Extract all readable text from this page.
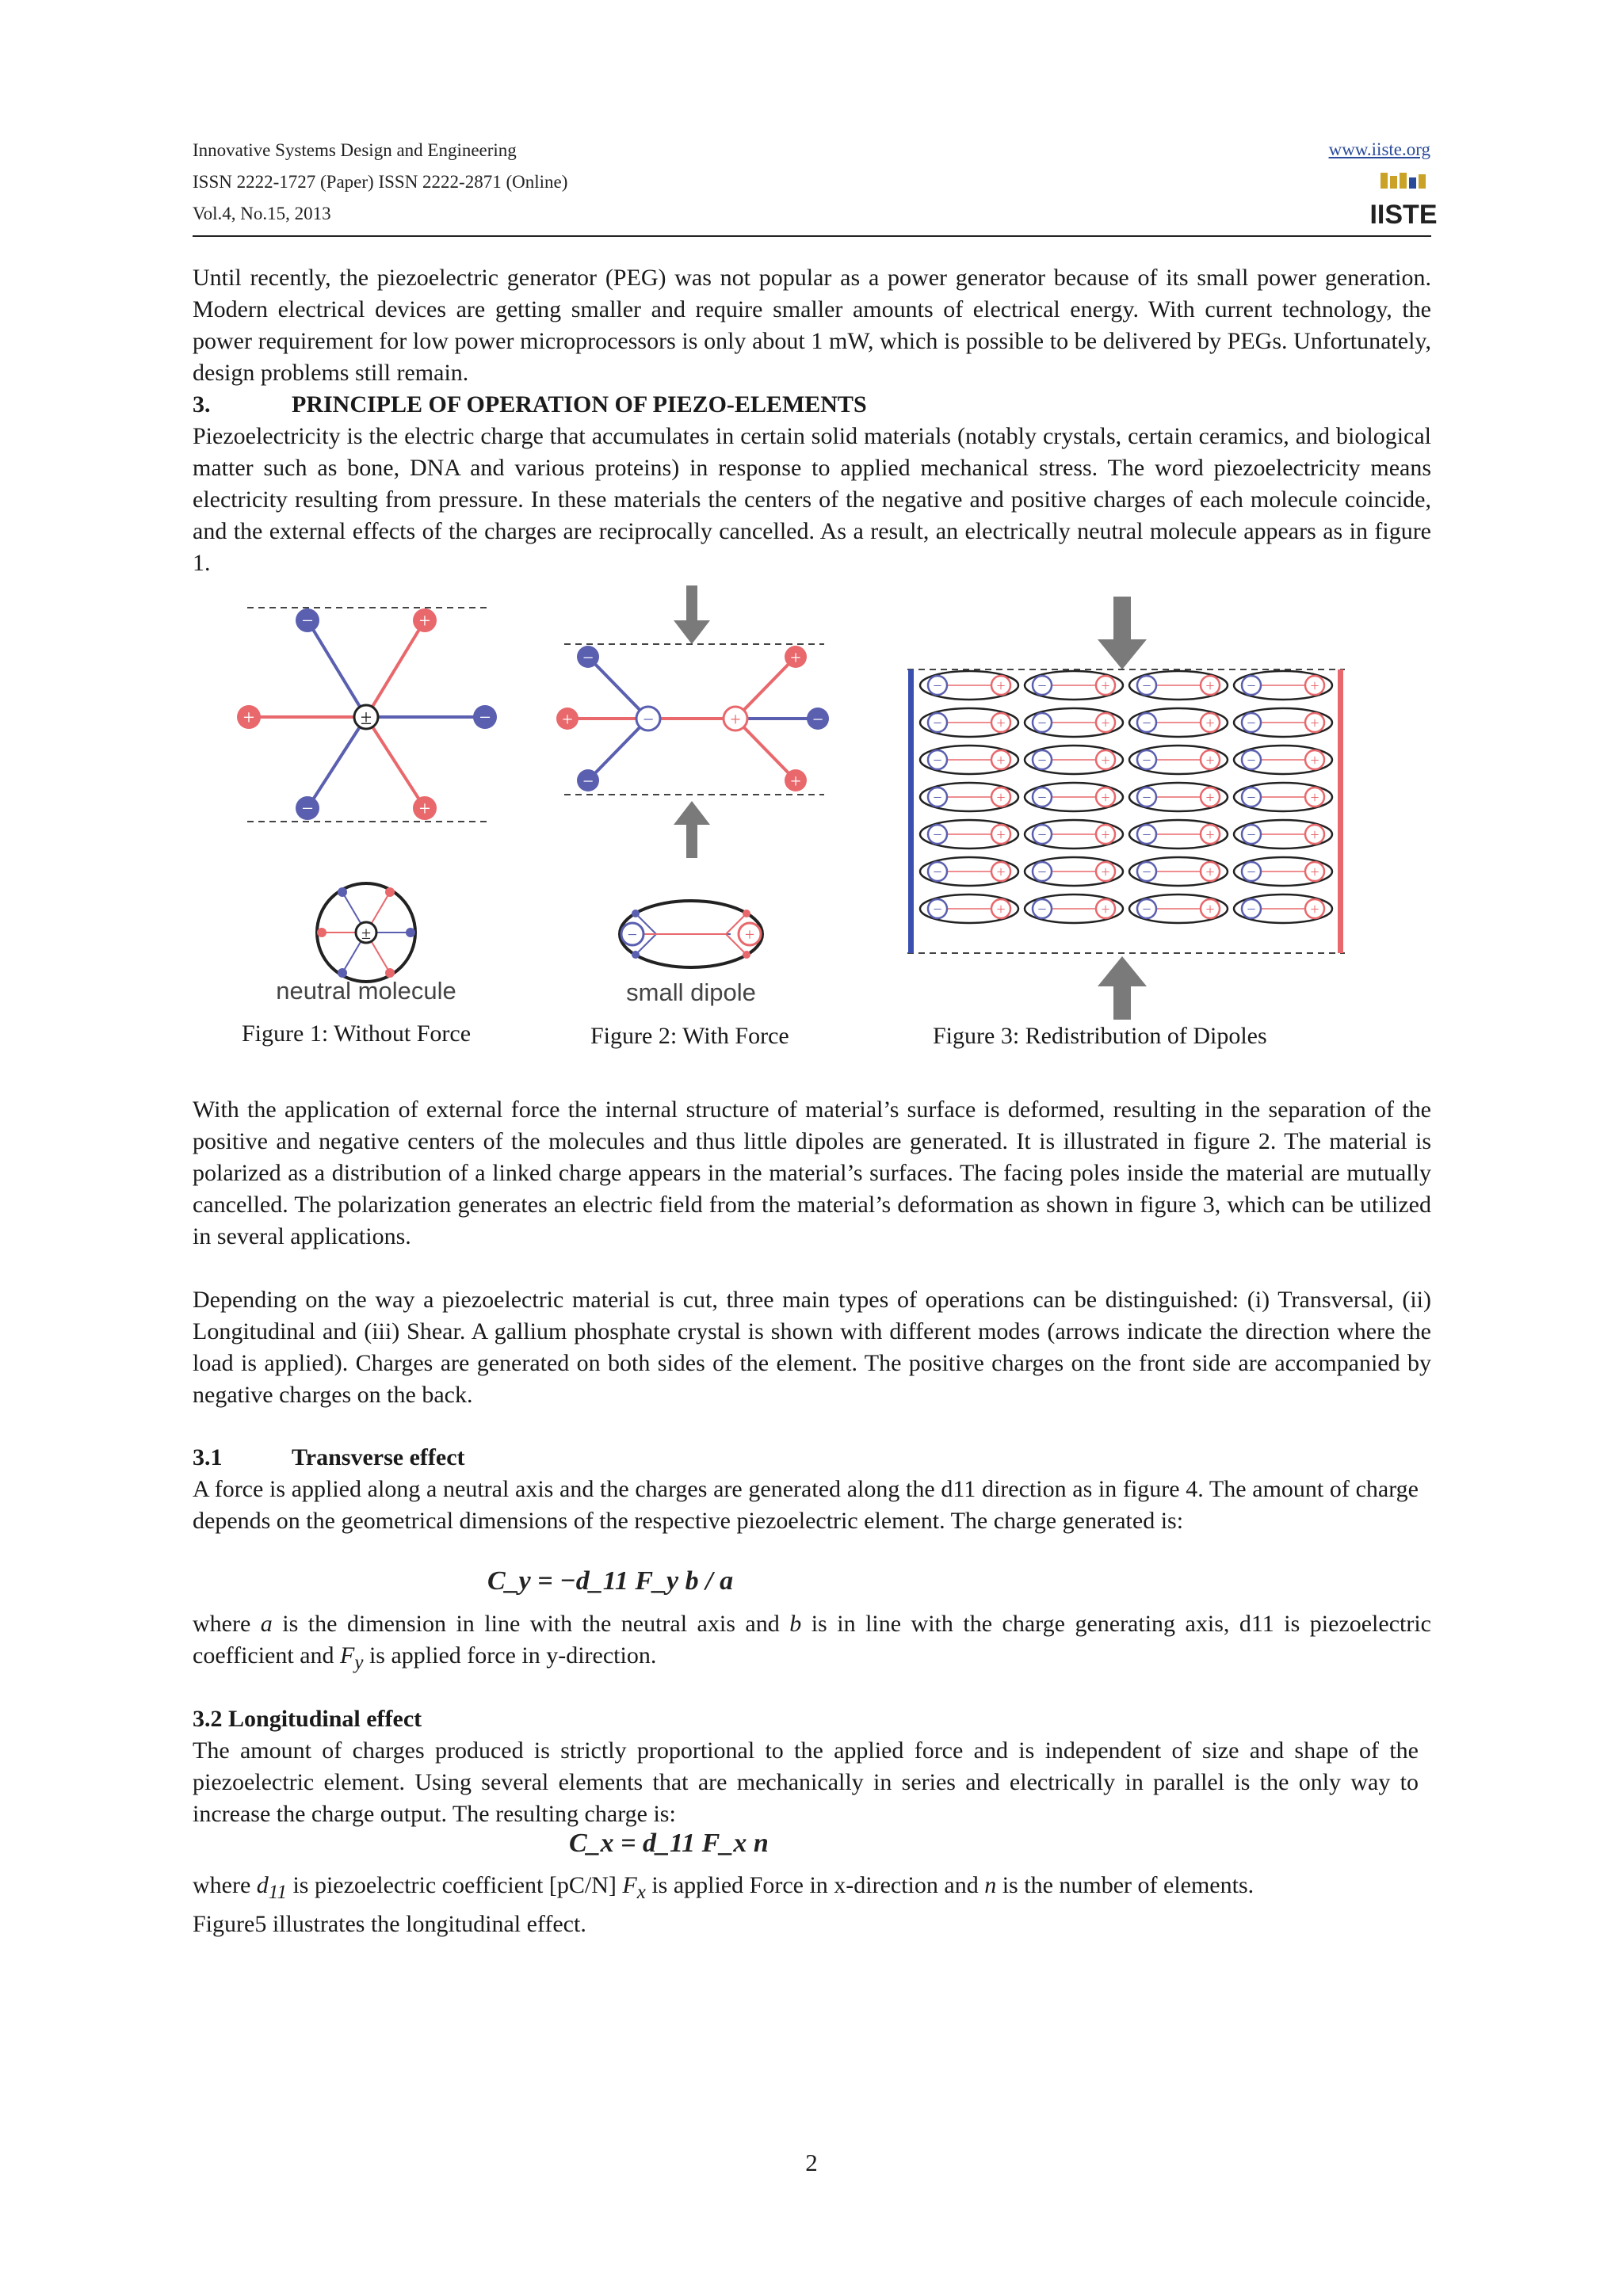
Innovative Systems Design and Engineering
ISSN 2222-1727 (Paper) ISSN 2222-2871 (Online)
Vol.4, No.15, 2013
www.iiste.org
IISTE

Until recently, the piezoelectric generator (PEG) was not popular as a power generator because of its small power generation. Modern electrical devices are getting smaller and require smaller amounts of electrical energy. With current technology, the power requirement for low power microprocessors is only about 1 mW, which is possible to be delivered by PEGs. Unfortunately, design problems still remain.

3.	PRINCIPLE OF OPERATION OF PIEZO-ELEMENTS

Piezoelectricity is the electric charge that accumulates in certain solid materials (notably crystals, certain ceramics, and biological matter such as bone, DNA and various proteins) in response to applied mechanical stress. The word piezoelectricity means electricity resulting from pressure. In these materials the centers of the negative and positive charges of each molecule coincide, and the external effects of the charges are reciprocally cancelled. As a result, an electrically neutral molecule appears as in figure 1.

−
−
−
+
+
+	±
±
neutral molecule
Figure 1: Without Force
−
−
−
+
+
+	−	+
−	+
small dipole
Figure 2: With Force
−	+ −	+ −	+ −	+
−	+ −	+ −	+ −	+
−	+ −	+ −	+ −	+
−	+ −	+ −	+ −	+
−	+ −	+ −	+ −	+
−	+ −	+ −	+ −	+
−	+ −	+ −	+ −	+
Figure 3: Redistribution of Dipoles

With the application of external force the internal structure of material’s surface is deformed, resulting in the separation of the positive and negative centers of the molecules and thus little dipoles are generated. It is illustrated in figure 2. The material is polarized as a distribution of a linked charge appears in the material’s surfaces. The facing poles inside the material are mutually cancelled. The polarization generates an electric field from the material’s deformation as shown in figure 3, which can be utilized in several applications.

Depending on the way a piezoelectric material is cut, three main types of operations can be distinguished: (i) Transversal, (ii) Longitudinal and (iii) Shear. A gallium phosphate crystal is shown with different modes (arrows indicate the direction where the load is applied). Charges are generated on both sides of the element. The positive charges on the front side are accompanied by negative charges on the back.

3.1	Transverse effect

A force is applied along a neutral axis and the charges are generated along the d11 direction as in figure 4. The amount of charge depends on the geometrical dimensions of the respective piezoelectric element. The charge generated is:

C_y = −d_11 F_y b / a

where a is the dimension in line with the neutral axis and b is in line with the charge generating axis, d11 is piezoelectric coefficient and $F_y$ is applied force in y-direction.

3.2 Longitudinal effect

The amount of charges produced is strictly proportional to the applied force and is independent of size and shape of the piezoelectric element. Using several elements that are mechanically in series and electrically in parallel is the only way to increase the charge output. The resulting charge is:

C_x = d_11 F_x n

where $d_{11}$ is piezoelectric coefficient [pC/N] $F_x$ is applied Force in x-direction and n is the number of elements.
Figure5 illustrates the longitudinal effect.

2
